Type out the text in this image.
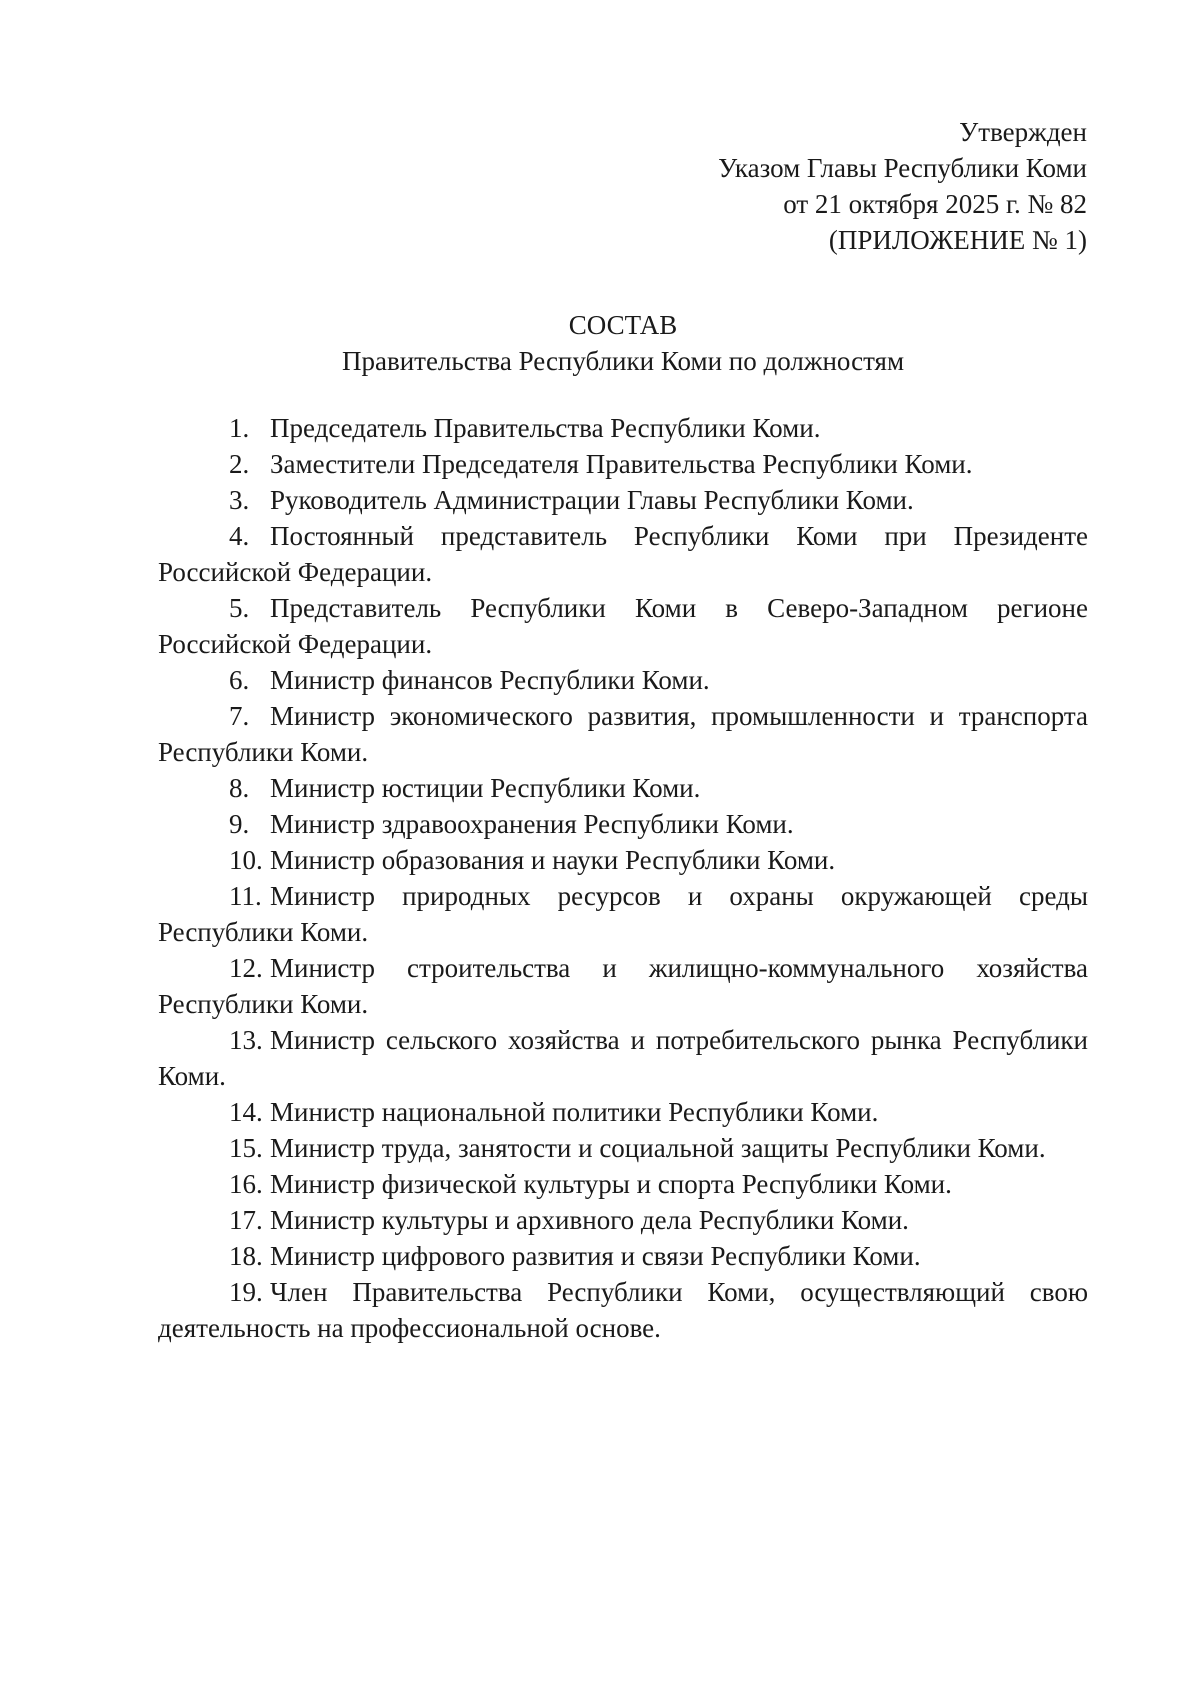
Утвержден
Указом Главы Республики Коми
от 21 октября 2025 г. № 82
(ПРИЛОЖЕНИЕ № 1)
СОСТАВ
Правительства Республики Коми по должностям

1. Председатель Правительства Республики Коми.

2. Заместители Председателя Правительства Республики Коми.

3. Руководитель Администрации Главы Республики Коми.

4. Постоянный представитель Республики Коми при Президенте Российской Федерации.

5. Представитель Республики Коми в Северо-Западном регионе Российской Федерации.

6. Министр финансов Республики Коми.

7. Министр экономического развития, промышленности и транспорта Республики Коми.

8. Министр юстиции Республики Коми.

9. Министр здравоохранения Республики Коми.

10. Министр образования и науки Республики Коми.

11. Министр природных ресурсов и охраны окружающей среды Республики Коми.

12. Министр строительства и жилищно-коммунального хозяйства Республики Коми.

13. Министр сельского хозяйства и потребительского рынка Республики Коми.

14. Министр национальной политики Республики Коми.

15. Министр труда, занятости и социальной защиты Республики Коми.

16. Министр физической культуры и спорта Республики Коми.

17. Министр культуры и архивного дела Республики Коми.

18. Министр цифрового развития и связи Республики Коми.

19. Член Правительства Республики Коми, осуществляющий свою деятельность на профессиональной основе.
